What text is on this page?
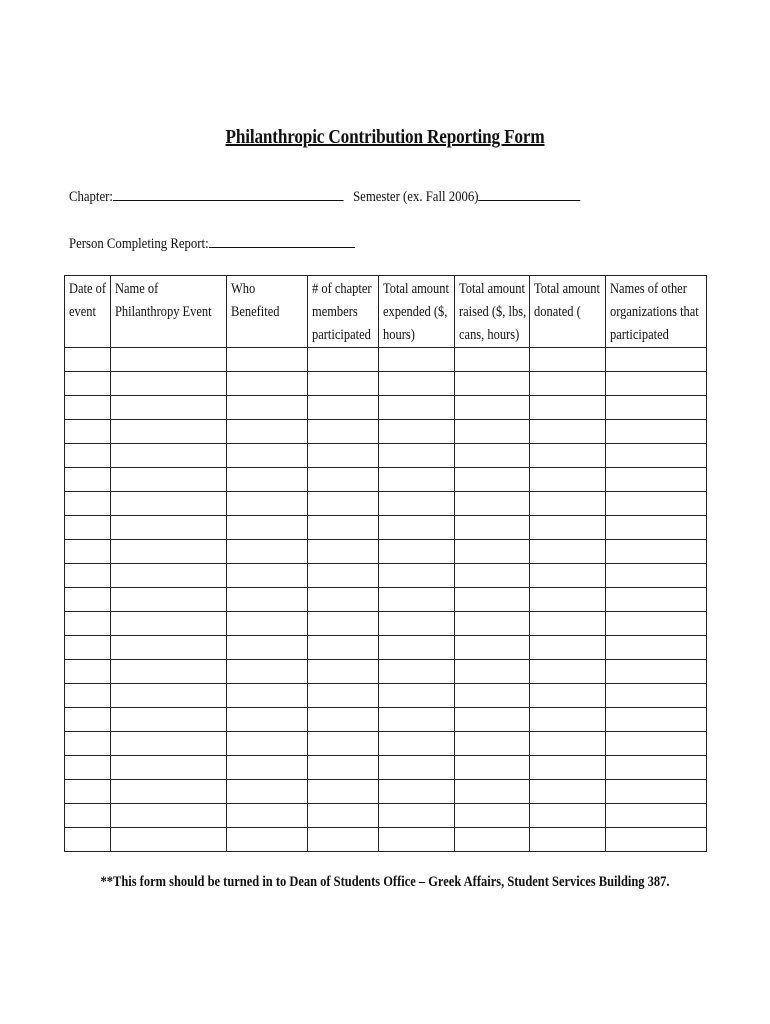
Philanthropic Contribution Reporting Form
Chapter:	Semester (ex. Fall 2006)
Person Completing Report:
Date of event	Name of Philanthropy Event	Who Benefited	# of chapter members participated	Total amount expended ($, hours)	Total amount raised ($, lbs, cans, hours)	Total amount donated (	Names of other organizations that participated

**This form should be turned in to Dean of Students Office – Greek Affairs, Student Services Building 387.
